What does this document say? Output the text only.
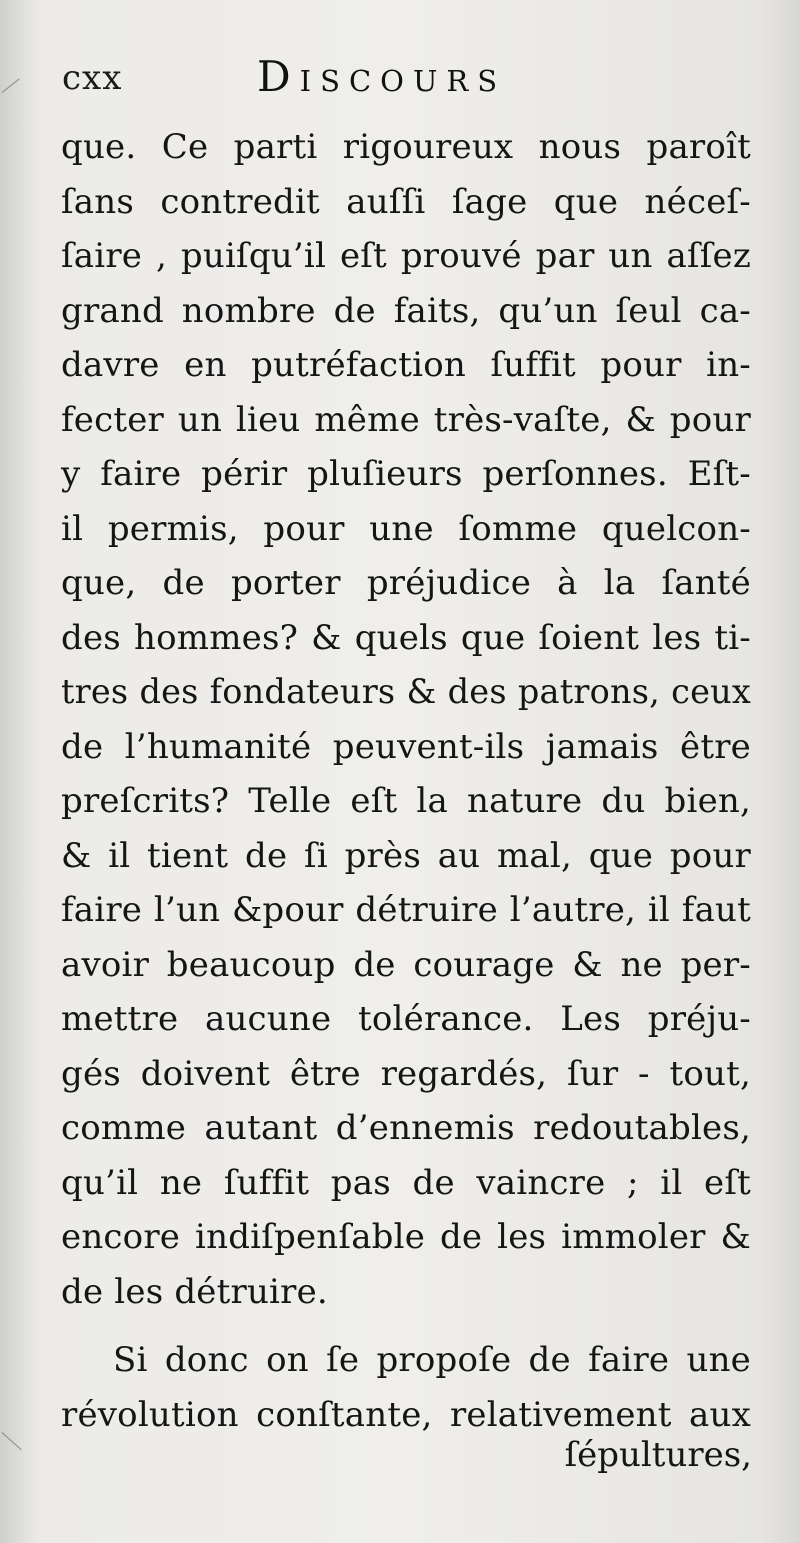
cxx	Discours
que. Ce parti rigoureux nous paroît
ſans contredit auſſi ſage que néceſ-
ſaire , puiſqu’il eſt prouvé par un aſſez
grand nombre de faits, qu’un ſeul ca-
davre en putréfaction ſuffit pour in-
fecter un lieu même très-vaſte, & pour
y faire périr pluſieurs perſonnes. Eſt-
il permis, pour une ſomme quelcon-
que, de porter préjudice à la ſanté
des hommes? & quels que ſoient les ti-
tres des fondateurs & des patrons, ceux
de l’humanité peuvent-ils jamais être
preſcrits? Telle eſt la nature du bien,
& il tient de ſi près au mal, que pour
faire l’un &pour détruire l’autre, il faut
avoir beaucoup de courage & ne per-
mettre aucune tolérance. Les préju-
gés doivent être regardés, ſur - tout,
comme autant d’ennemis redoutables,
qu’il ne ſuffit pas de vaincre ; il eſt
encore indiſpenſable de les immoler &
de les détruire.
Si donc on ſe propoſe de faire une
révolution conſtante, relativement aux
ſépultures,
